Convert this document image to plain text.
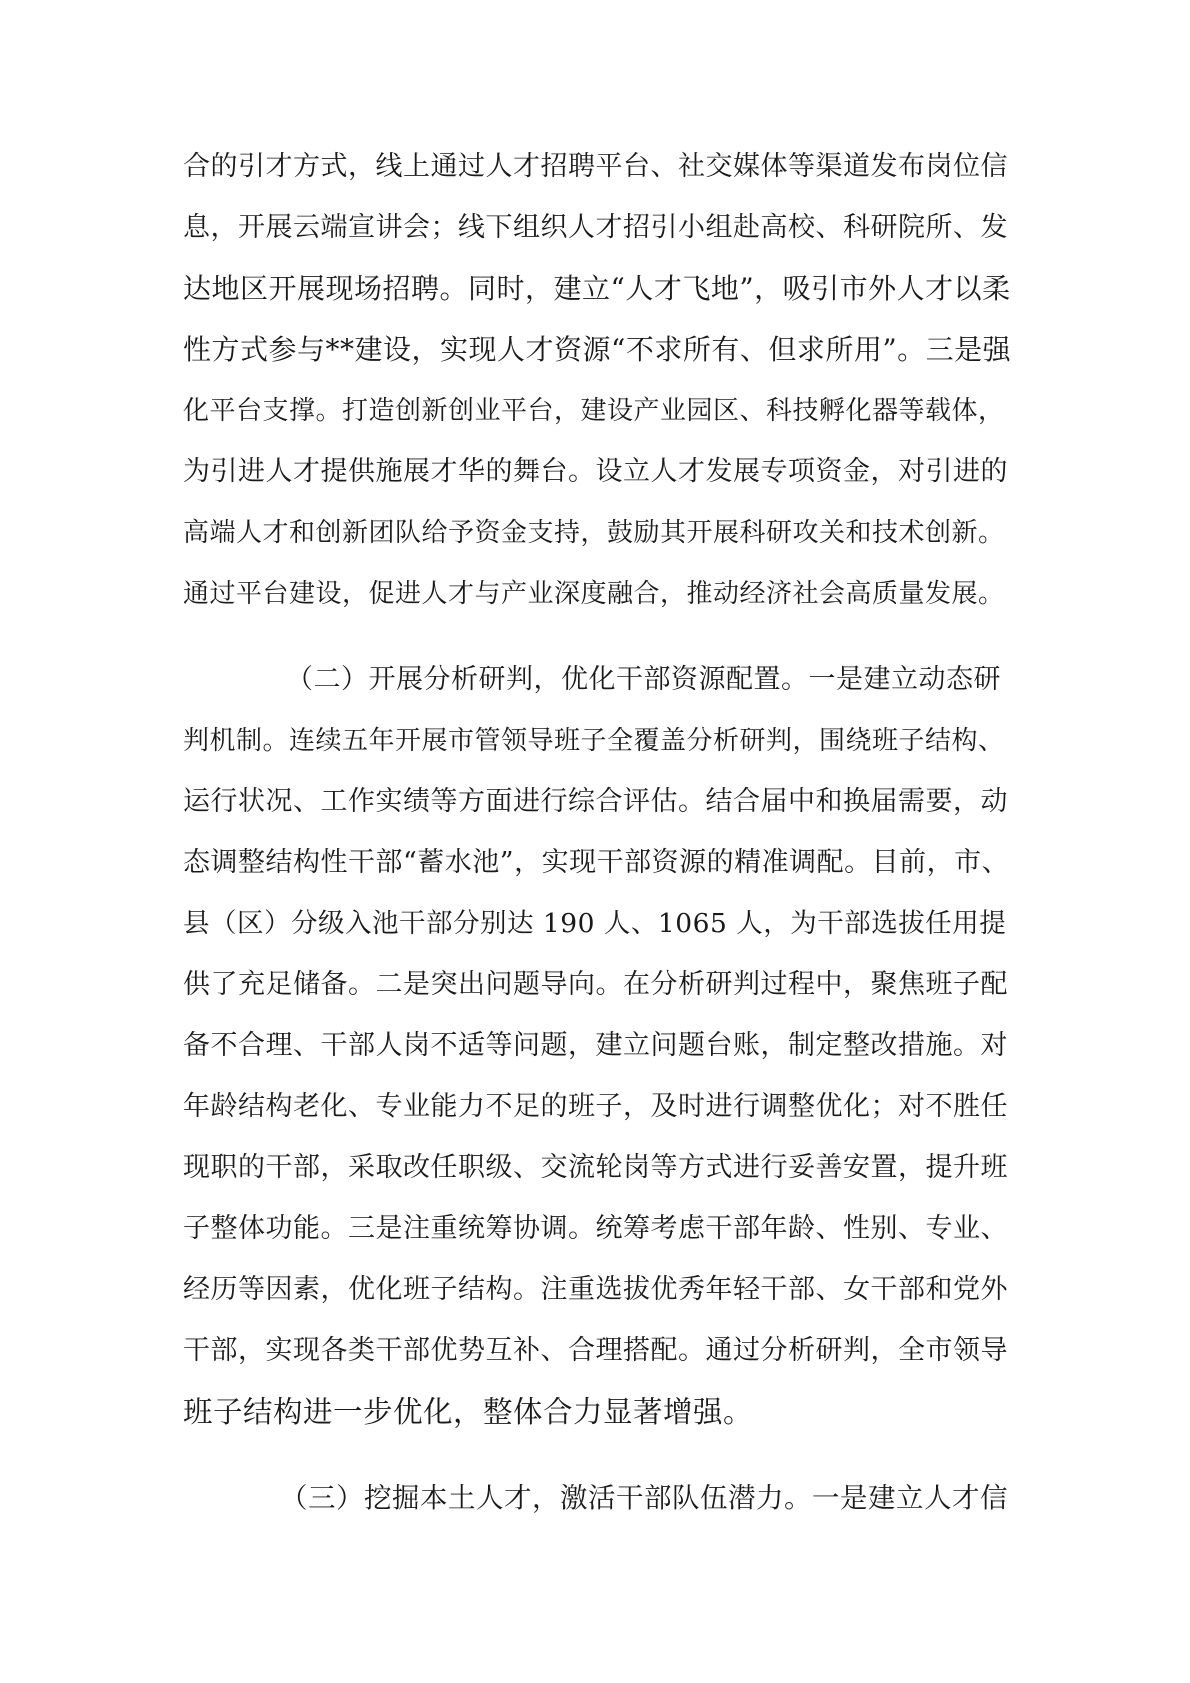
合的引才方式，线上通过人才招聘平台、社交媒体等渠道发布岗位信
息，开展云端宣讲会；线下组织人才招引小组赴高校、科研院所、发
达地区开展现场招聘。同时，建立“人才飞地”，吸引市外人才以柔
性方式参与**建设，实现人才资源“不求所有、但求所用”。三是强
化平台支撑。打造创新创业平台，建设产业园区、科技孵化器等载体，
为引进人才提供施展才华的舞台。设立人才发展专项资金，对引进的
高端人才和创新团队给予资金支持，鼓励其开展科研攻关和技术创新。
通过平台建设，促进人才与产业深度融合，推动经济社会高质量发展。
（二）开展分析研判，优化干部资源配置。一是建立动态研
判机制。连续五年开展市管领导班子全覆盖分析研判，围绕班子结构、
运行状况、工作实绩等方面进行综合评估。结合届中和换届需要，动
态调整结构性干部“蓄水池”，实现干部资源的精准调配。目前，市、
县（区）分级入池干部分别达 190 人、1065 人，为干部选拔任用提
供了充足储备。二是突出问题导向。在分析研判过程中，聚焦班子配
备不合理、干部人岗不适等问题，建立问题台账，制定整改措施。对
年龄结构老化、专业能力不足的班子，及时进行调整优化；对不胜任
现职的干部，采取改任职级、交流轮岗等方式进行妥善安置，提升班
子整体功能。三是注重统筹协调。统筹考虑干部年龄、性别、专业、
经历等因素，优化班子结构。注重选拔优秀年轻干部、女干部和党外
干部，实现各类干部优势互补、合理搭配。通过分析研判，全市领导
班子结构进一步优化，整体合力显著增强。
（三）挖掘本土人才，激活干部队伍潜力。一是建立人才信
